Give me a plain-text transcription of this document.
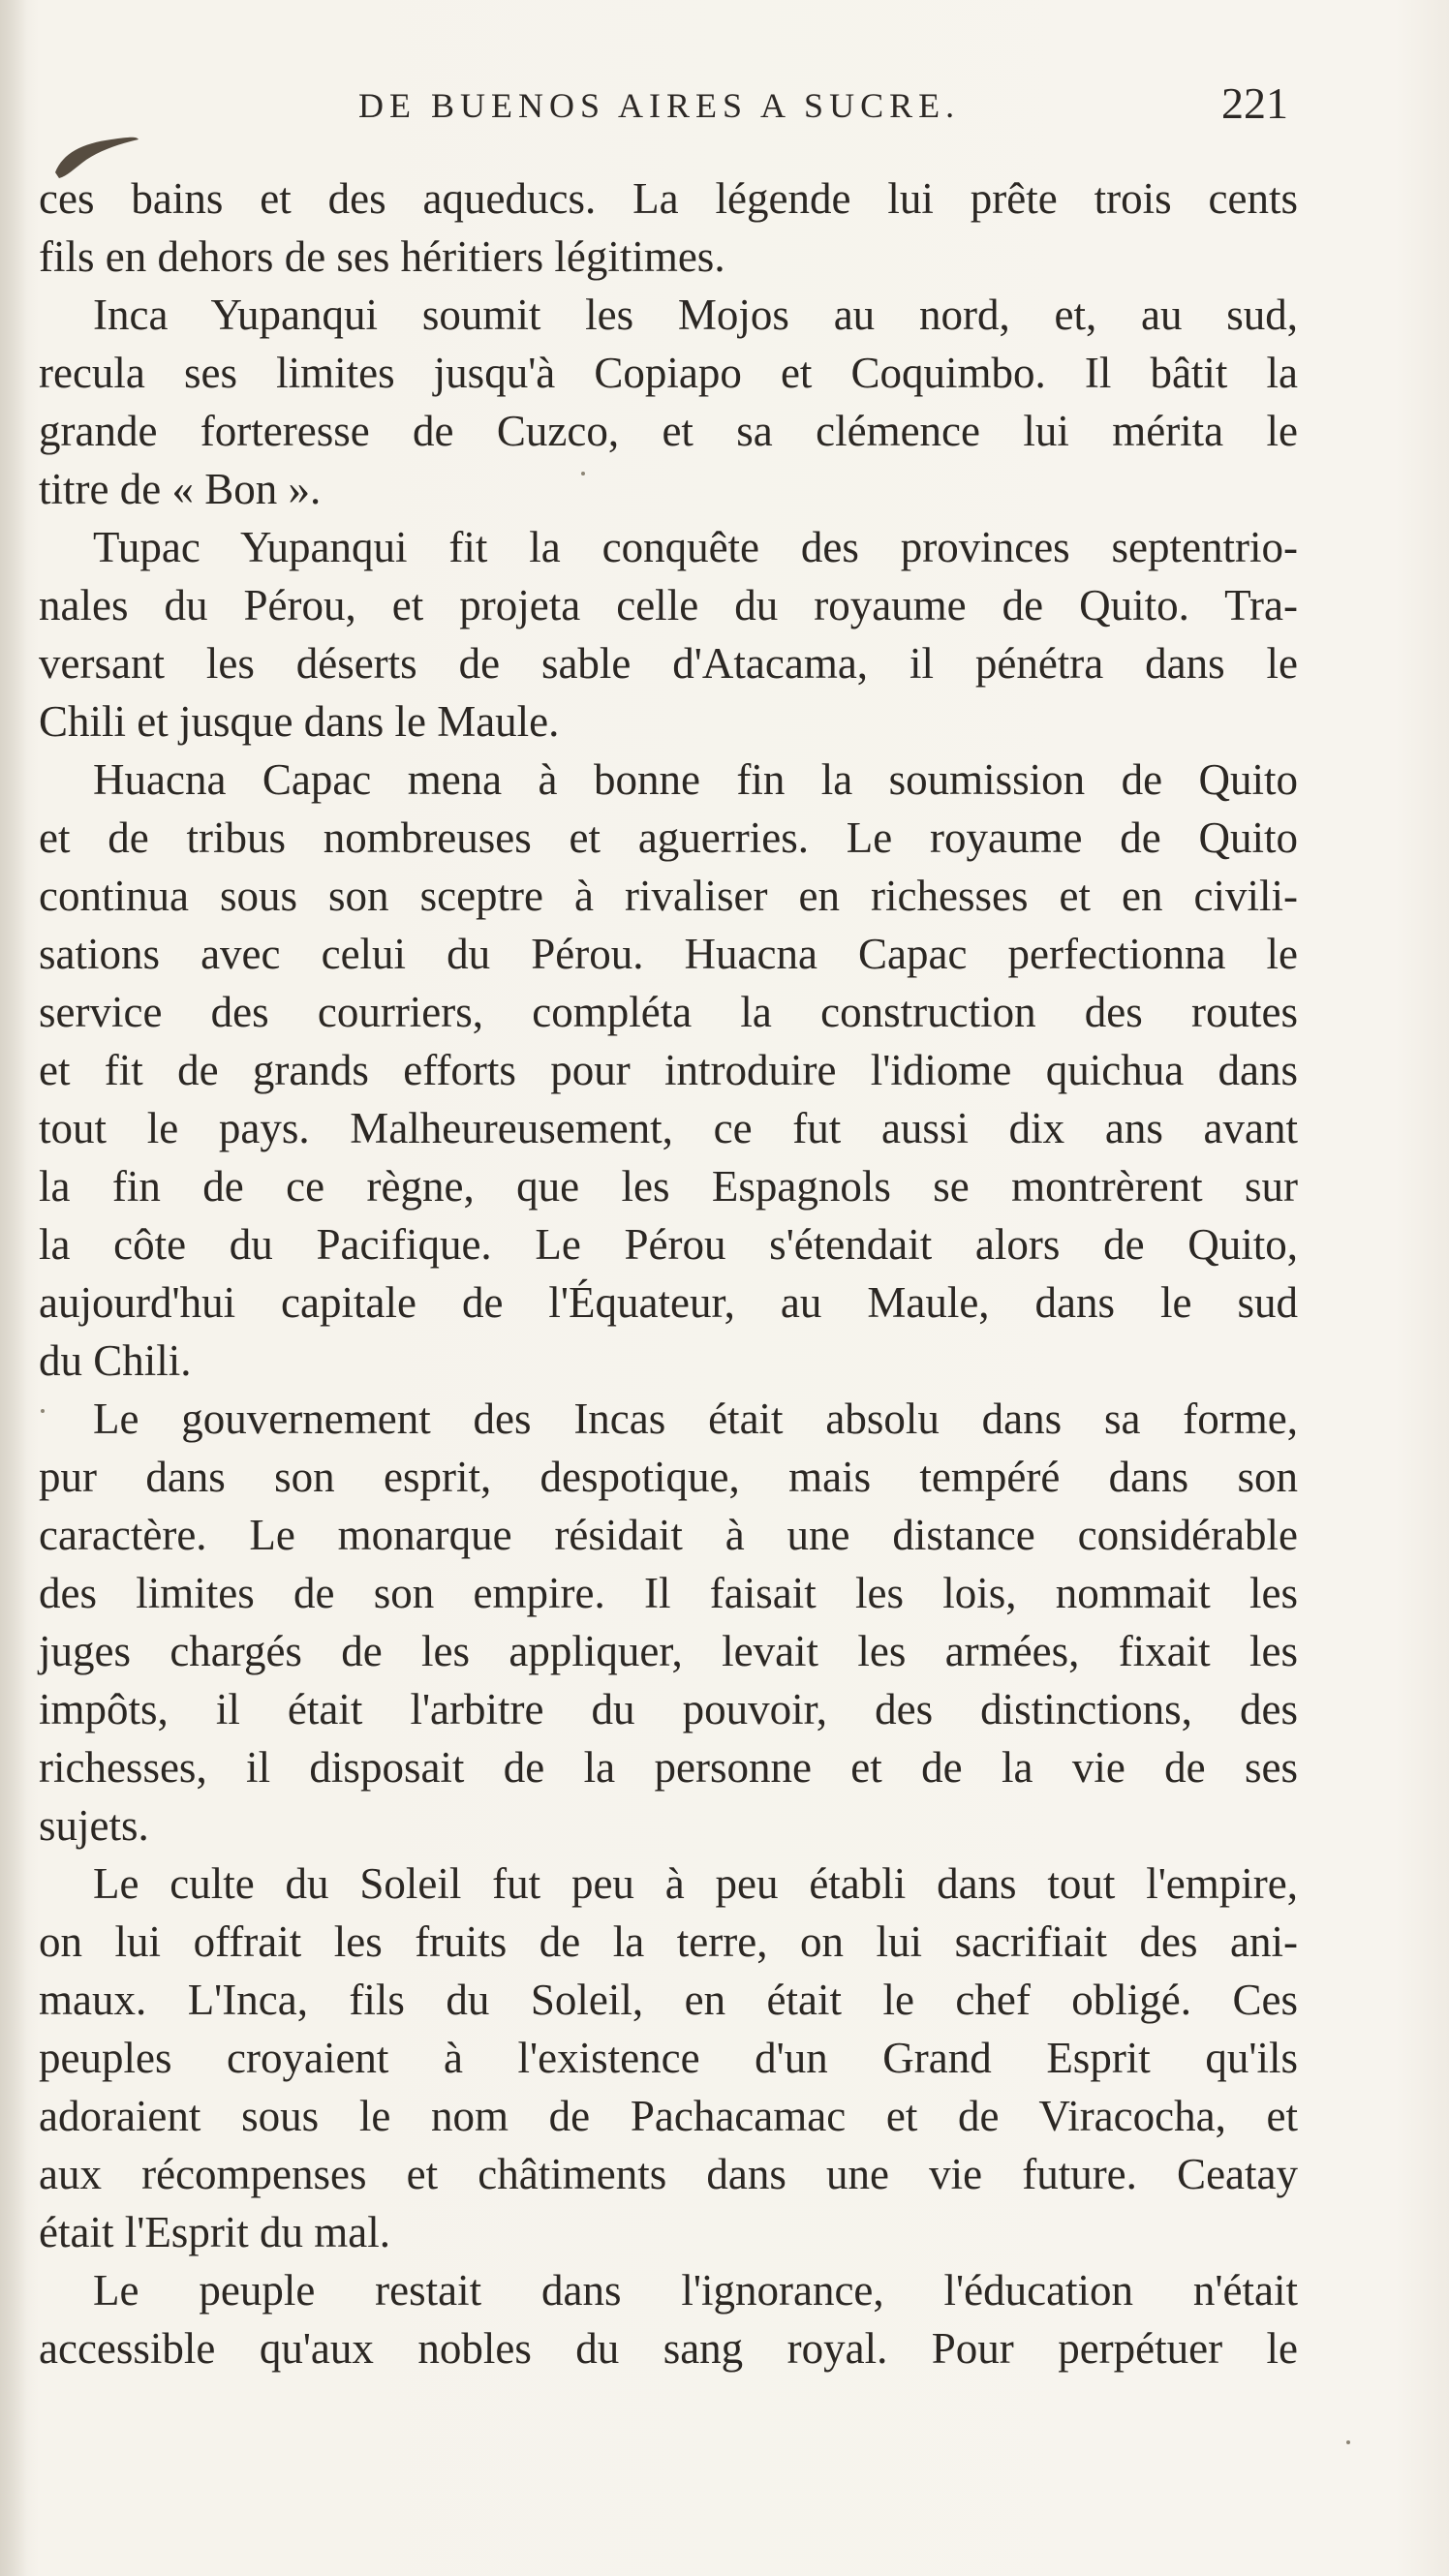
DE BUENOS AIRES A SUCRE.	221
ces bains et des aqueducs. La légende lui prête trois cents
fils en dehors de ses héritiers légitimes.
Inca Yupanqui soumit les Mojos au nord, et, au sud,
recula ses limites jusqu'à Copiapo et Coquimbo. Il bâtit la
grande forteresse de Cuzco, et sa clémence lui mérita le
titre de « Bon ».
Tupac Yupanqui fit la conquête des provinces septentrio-
nales du Pérou, et projeta celle du royaume de Quito. Tra-
versant les déserts de sable d'Atacama, il pénétra dans le
Chili et jusque dans le Maule.
Huacna Capac mena à bonne fin la soumission de Quito
et de tribus nombreuses et aguerries. Le royaume de Quito
continua sous son sceptre à rivaliser en richesses et en civili-
sations avec celui du Pérou. Huacna Capac perfectionna le
service des courriers, compléta la construction des routes
et fit de grands efforts pour introduire l'idiome quichua dans
tout le pays. Malheureusement, ce fut aussi dix ans avant
la fin de ce règne, que les Espagnols se montrèrent sur
la côte du Pacifique. Le Pérou s'étendait alors de Quito,
aujourd'hui capitale de l'Équateur, au Maule, dans le sud
du Chili.
Le gouvernement des Incas était absolu dans sa forme,
pur dans son esprit, despotique, mais tempéré dans son
caractère. Le monarque résidait à une distance considérable
des limites de son empire. Il faisait les lois, nommait les
juges chargés de les appliquer, levait les armées, fixait les
impôts, il était l'arbitre du pouvoir, des distinctions, des
richesses, il disposait de la personne et de la vie de ses
sujets.
Le culte du Soleil fut peu à peu établi dans tout l'empire,
on lui offrait les fruits de la terre, on lui sacrifiait des ani-
maux. L'Inca, fils du Soleil, en était le chef obligé. Ces
peuples croyaient à l'existence d'un Grand Esprit qu'ils
adoraient sous le nom de Pachacamac et de Viracocha, et
aux récompenses et châtiments dans une vie future. Ceatay
était l'Esprit du mal.
Le peuple restait dans l'ignorance, l'éducation n'était
accessible qu'aux nobles du sang royal. Pour perpétuer le
